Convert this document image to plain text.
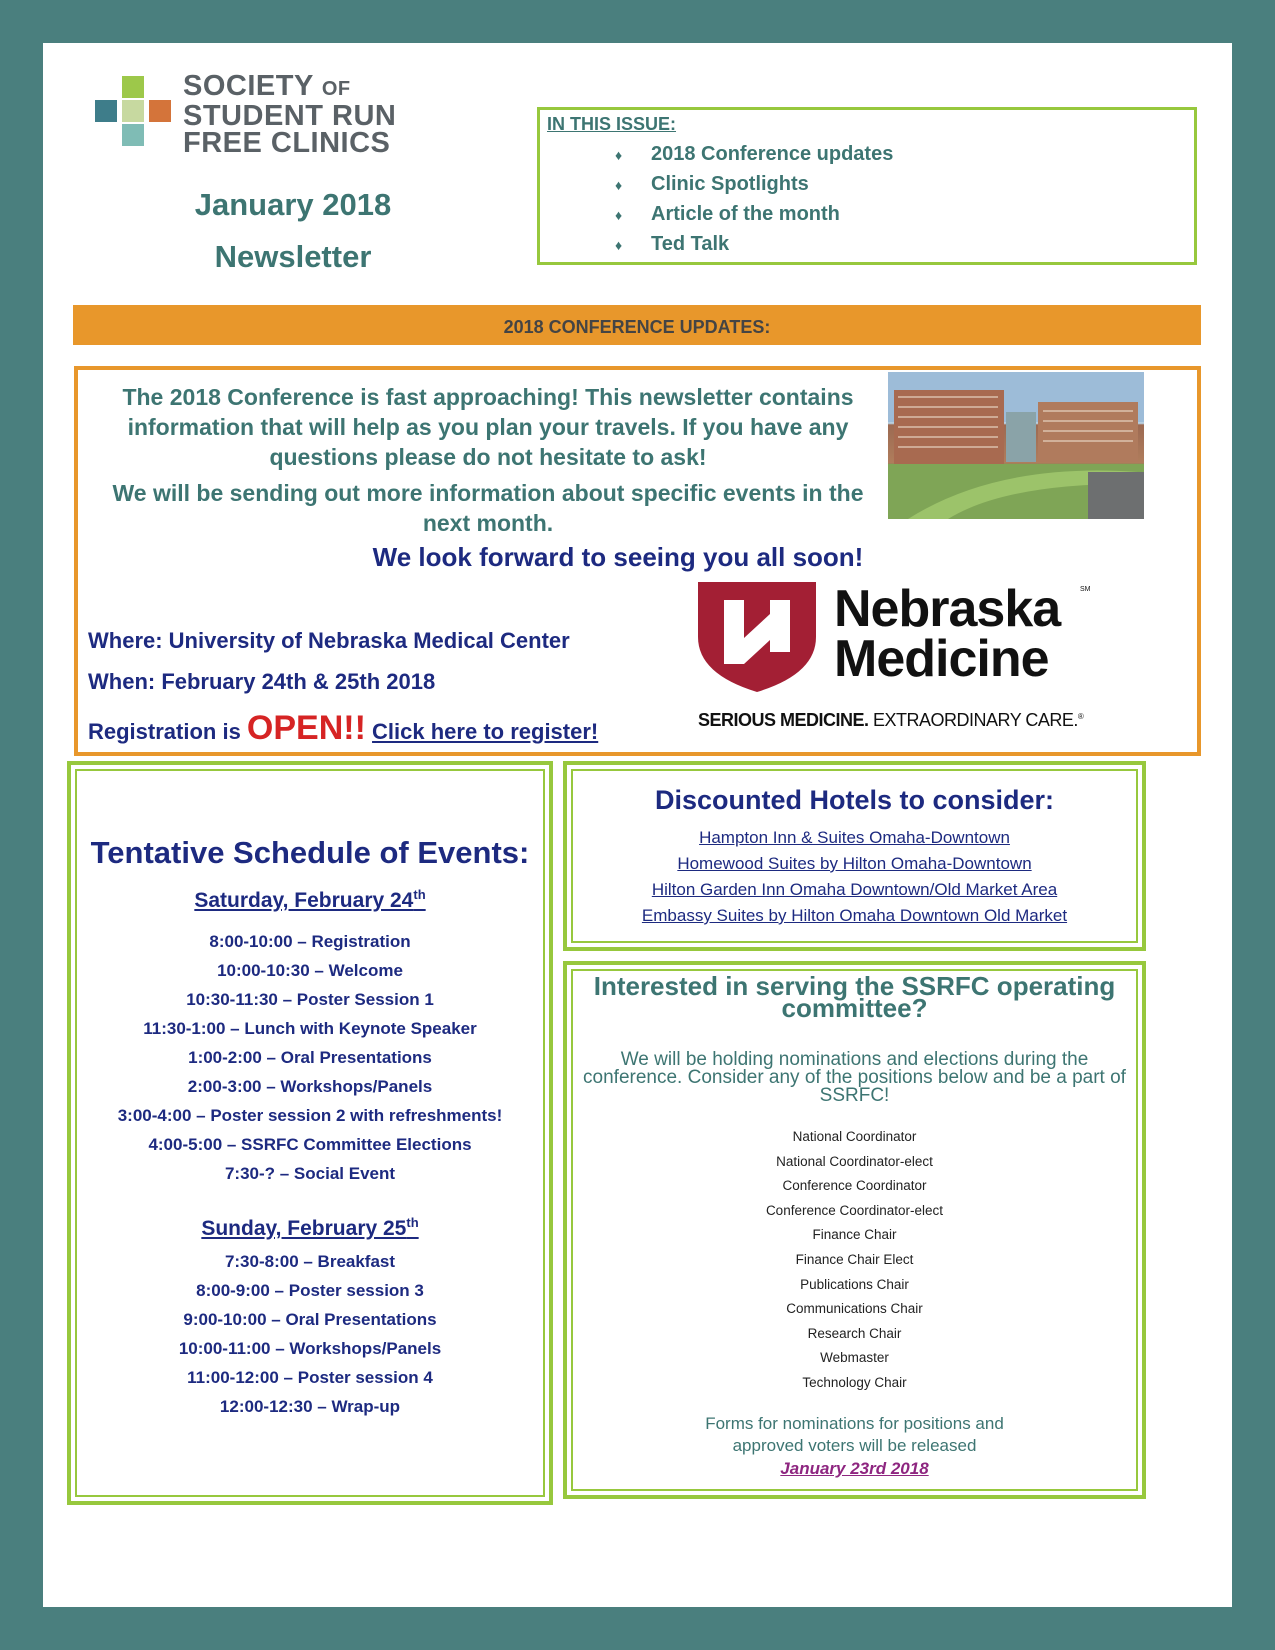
SOCIETY OF
STUDENT RUN
FREE CLINICS
January 2018
Newsletter
IN THIS ISSUE:
♦ 2018 Conference updates
♦ Clinic Spotlights
♦ Article of the month
♦ Ted Talk
2018 CONFERENCE UPDATES:

The 2018 Conference is fast approaching! This newsletter contains information that will help as you plan your travels. If you have any questions please do not hesitate to ask!

We will be sending out more information about specific events in the next month.

We look forward to seeing you all soon!
Where: University of Nebraska Medical Center
When: February 24th & 25th 2018
Registration is OPEN!! Click here to register!
Nebraska
Medicine
SM
SERIOUS MEDICINE. EXTRAORDINARY CARE.®
Tentative Schedule of Events:
Saturday, February 24th
8:00-10:00 – Registration
10:00-10:30 – Welcome
10:30-11:30 – Poster Session 1
11:30-1:00 – Lunch with Keynote Speaker
1:00-2:00 – Oral Presentations
2:00-3:00 – Workshops/Panels
3:00-4:00 – Poster session 2 with refreshments!
4:00-5:00 – SSRFC Committee Elections
7:30-? – Social Event
Sunday, February 25th
7:30-8:00 – Breakfast
8:00-9:00 – Poster session 3
9:00-10:00 – Oral Presentations
10:00-11:00 – Workshops/Panels
11:00-12:00 – Poster session 4
12:00-12:30 – Wrap-up
Discounted Hotels to consider:
Hampton Inn & Suites Omaha-Downtown
Homewood Suites by Hilton Omaha-Downtown
Hilton Garden Inn Omaha Downtown/Old Market Area
Embassy Suites by Hilton Omaha Downtown Old Market
Interested in serving the SSRFC operating committee?
We will be holding nominations and elections during the conference. Consider any of the positions below and be a part of SSRFC!
National Coordinator
National Coordinator-elect
Conference Coordinator
Conference Coordinator-elect
Finance Chair
Finance Chair Elect
Publications Chair
Communications Chair
Research Chair
Webmaster
Technology Chair
Forms for nominations for positions and approved voters will be released
January 23rd 2018
